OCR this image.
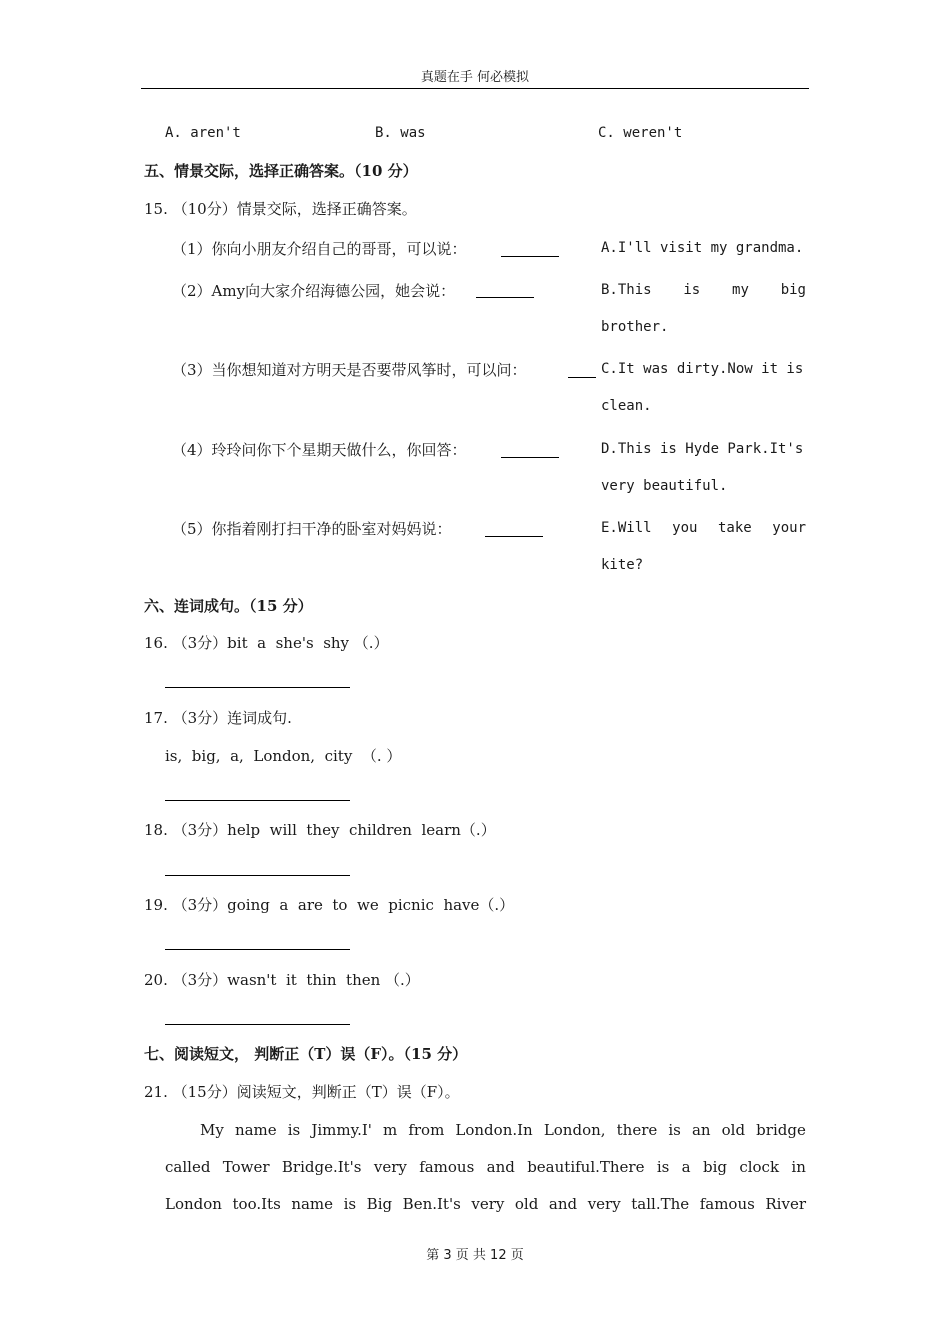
真题在手 何必模拟
A. aren't	B. was	C. weren't
五、情景交际，选择正确答案。（10 分）
15. （10分）情景交际，选择正确答案。
（1）你向小朋友介绍自己的哥哥，可以说：
（2）Amy向大家介绍海德公园，她会说：
（3）当你想知道对方明天是否要带风筝时，可以问：
（4）玲玲问你下个星期天做什么，你回答：
（5）你指着刚打扫干净的卧室对妈妈说：
A.I'll visit my grandma.
B.This is my big
brother.
C.It was dirty.Now it is
clean.
D.This is Hyde Park.It's
very beautiful.
E.Will you take your
kite?
六、连词成句。（15 分）
16. （3分）bit  a  she's  shy （.）
17. （3分）连词成句.
is,  big,  a,  London,  city  （. ）
18. （3分）help  will  they  children  learn（.）
19. （3分）going  a  are  to  we  picnic  have（.）
20. （3分）wasn't  it  thin  then （.）
七、阅读短文， 判断正（T）误（F）。（15 分）
21. （15分）阅读短文，判断正（T）误（F）。
My name is Jimmy.I' m from London.In London, there is an old bridge
called Tower Bridge.It's very famous and beautiful.There is a big clock in
London too.Its name is Big Ben.It's very old and very tall.The famous River
第 3 页 共 12 页
